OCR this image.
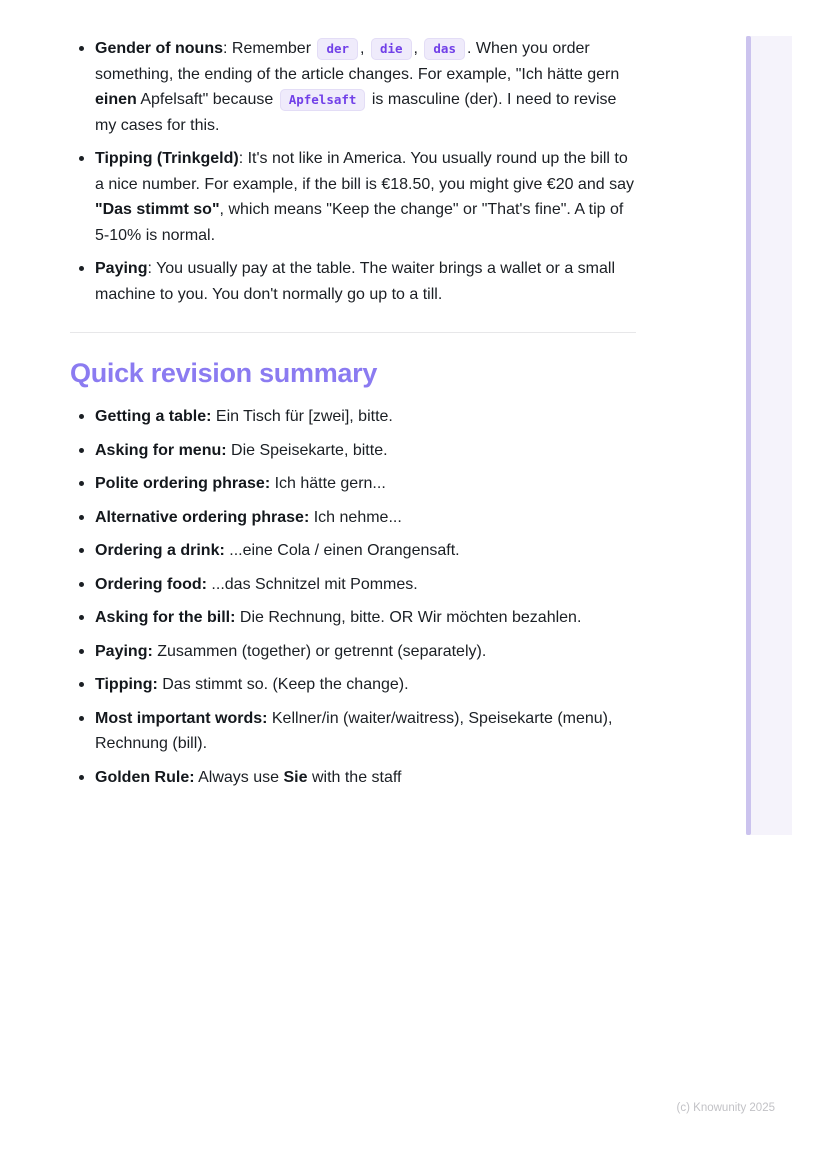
Gender of nouns: Remember der , die , das . When you order something, the ending of the article changes. For example, "Ich hätte gern einen Apfelsaft" because Apfelsaft is masculine (der). I need to revise my cases for this.
Tipping (Trinkgeld): It's not like in America. You usually round up the bill to a nice number. For example, if the bill is €18.50, you might give €20 and say "Das stimmt so", which means "Keep the change" or "That's fine". A tip of 5-10% is normal.
Paying: You usually pay at the table. The waiter brings a wallet or a small machine to you. You don't normally go up to a till.
Quick revision summary
Getting a table: Ein Tisch für [zwei], bitte.
Asking for menu: Die Speisekarte, bitte.
Polite ordering phrase: Ich hätte gern...
Alternative ordering phrase: Ich nehme...
Ordering a drink: ...eine Cola / einen Orangensaft.
Ordering food: ...das Schnitzel mit Pommes.
Asking for the bill: Die Rechnung, bitte. OR Wir möchten bezahlen.
Paying: Zusammen (together) or getrennt (separately).
Tipping: Das stimmt so. (Keep the change).
Most important words: Kellner/in (waiter/waitress), Speisekarte (menu), Rechnung (bill).
Golden Rule: Always use Sie with the staff
(c) Knowunity 2025
